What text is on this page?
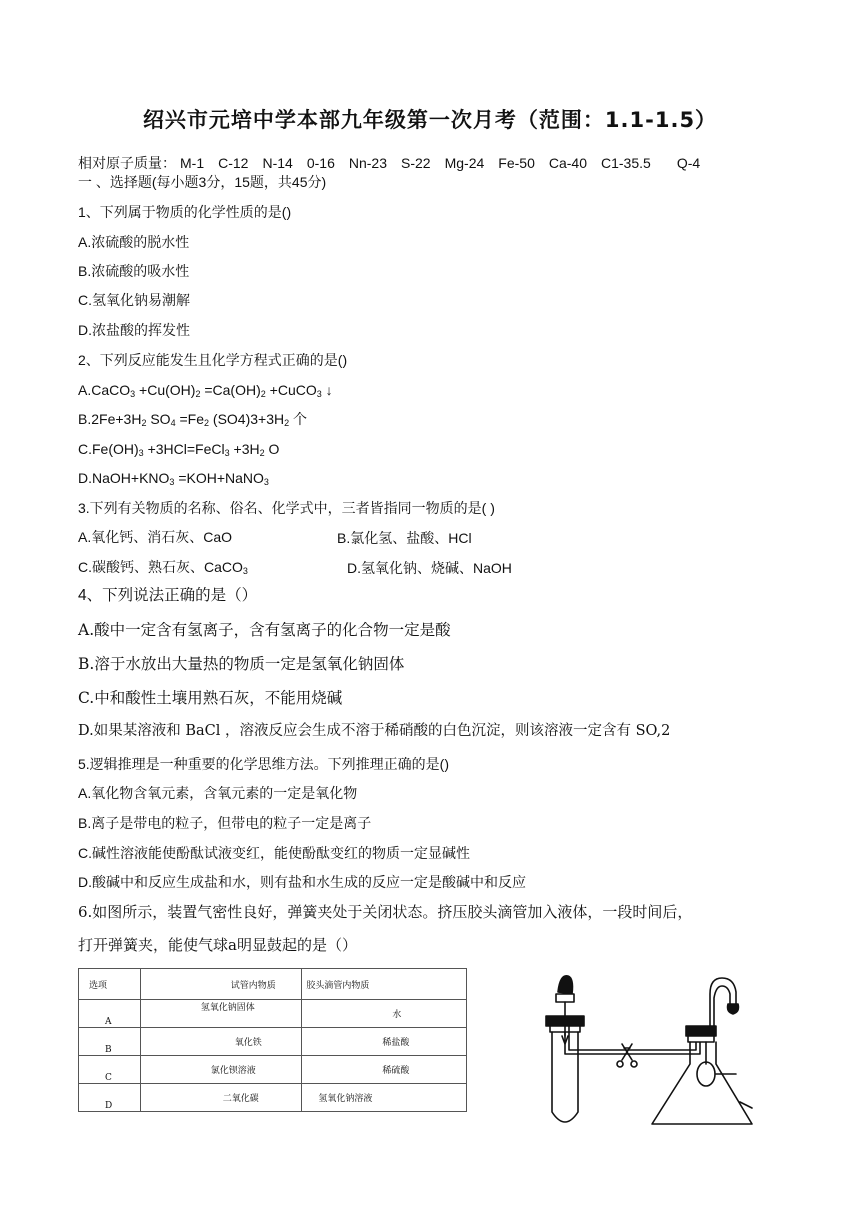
绍兴市元培中学本部九年级第一次月考（范围：1.1-1.5）
相对原子质量： M-1 C-12 N-14 0-16 Nn-23 S-22 Mg-24 Fe-50 Ca-40 C1-35.5 Q-4
一 、选择题(每小题3分，15题，共45分)
1、下列属于物质的化学性质的是()
A.浓硫酸的脱水性
B.浓硫酸的吸水性
C.氢氧化钠易潮解
D.浓盐酸的挥发性
2、下列反应能发生且化学方程式正确的是()
A.CaCO$_3$ $+Cu(OH)_2 =Ca(OH)_2$ +CuCO$_3$ ↓
$B.2Fe+3H_2$ $SO_4 =Fe_2$ $(SO4)3+3H_2$ 个
$C.Fe(OH)_3$ +3HCl=FeCl$_3$ $+3H_2$ O
$D.NaOH+KNO_3$ =KOH+NaNO$_3$
3.下列有关物质的名称、俗名、化学式中，三者皆指同一物质的是( )
A.氧化钙、消石灰、CaO	B.氯化氢、盐酸、HCl
C.碳酸钙、熟石灰、CaCO$_3$	D.氢氧化钠、烧碱、NaOH
4、下列说法正确的是（）
A.酸中一定含有氢离子，含有氢离子的化合物一定是酸
B.溶于水放出大量热的物质一定是氢氧化钠固体
C.中和酸性土壤用熟石灰，不能用烧碱
D.如果某溶液和 BaCl ，溶液反应会生成不溶于稀硝酸的白色沉淀，则该溶液一定含有 SO,2
5.逻辑推理是一种重要的化学思维方法。下列推理正确的是()
A.氧化物含氧元素，含氧元素的一定是氧化物
B.离子是带电的粒子，但带电的粒子一定是离子
C.碱性溶液能使酚酞试液变红，能使酚酞变红的物质一定显碱性
D.酸碱中和反应生成盐和水，则有盐和水生成的反应一定是酸碱中和反应
6.如图所示，装置气密性良好，弹簧夹处于关闭状态。挤压胶头滴管加入液体，一段时间后，
打开弹簧夹，能使气球a明显鼓起的是（）
选项	试管内物质	胶头滴管内物质
A	氢氧化钠固体	水
B	氧化铁	稀盐酸
C	氯化钡溶液	稀硫酸
D	二氧化碳	氢氧化钠溶液
